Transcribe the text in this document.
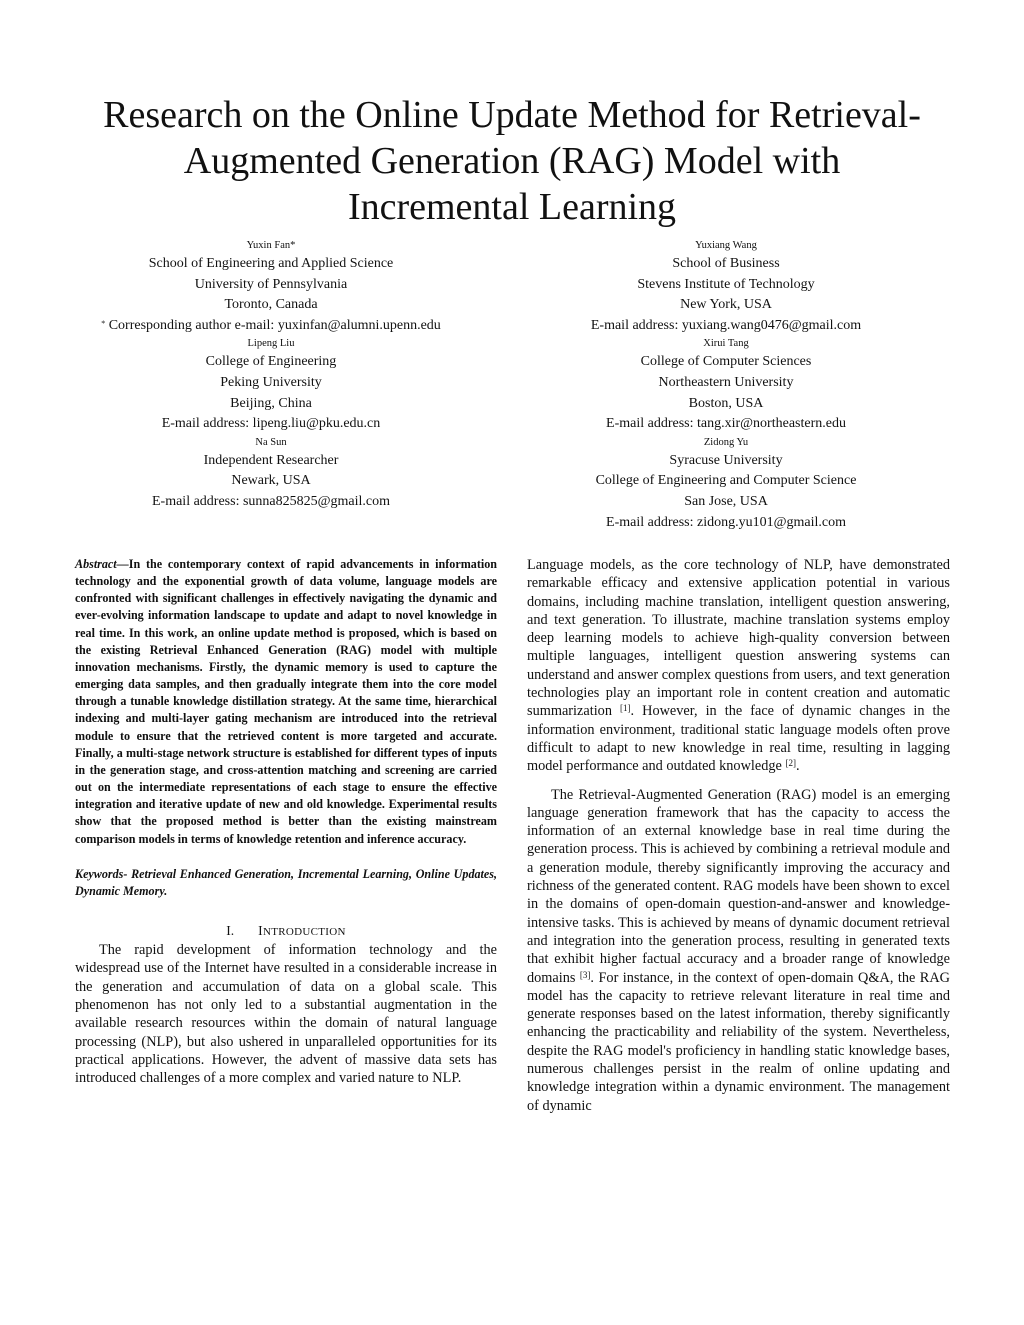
Research on the Online Update Method for Retrieval-
Augmented Generation (RAG) Model with
Incremental Learning
Yuxin Fan*
School of Engineering and Applied Science
University of Pennsylvania
Toronto, Canada
* Corresponding author e-mail: yuxinfan@alumni.upenn.edu
Lipeng Liu
College of Engineering
Peking University
Beijing, China
E-mail address: lipeng.liu@pku.edu.cn
Na Sun
Independent Researcher
Newark, USA
E-mail address: sunna825825@gmail.com
Yuxiang Wang
School of Business
Stevens Institute of Technology
New York, USA
E-mail address: yuxiang.wang0476@gmail.com
Xirui Tang
College of Computer Sciences
Northeastern University
Boston, USA
E-mail address: tang.xir@northeastern.edu
Zidong Yu
Syracuse University
College of Engineering and Computer Science
San Jose, USA
E-mail address: zidong.yu101@gmail.com
Abstract—In the contemporary context of rapid advancements in information technology and the exponential growth of data volume, language models are confronted with significant challenges in effectively navigating the dynamic and ever-evolving information landscape to update and adapt to novel knowledge in real time. In this work, an online update method is proposed, which is based on the existing Retrieval Enhanced Generation (RAG) model with multiple innovation mechanisms. Firstly, the dynamic memory is used to capture the emerging data samples, and then gradually integrate them into the core model through a tunable knowledge distillation strategy. At the same time, hierarchical indexing and multi-layer gating mechanism are introduced into the retrieval module to ensure that the retrieved content is more targeted and accurate. Finally, a multi-stage network structure is established for different types of inputs in the generation stage, and cross-attention matching and screening are carried out on the intermediate representations of each stage to ensure the effective integration and iterative update of new and old knowledge. Experimental results show that the proposed method is better than the existing mainstream comparison models in terms of knowledge retention and inference accuracy.
Keywords- Retrieval Enhanced Generation, Incremental Learning, Online Updates, Dynamic Memory.
I. INTRODUCTION

The rapid development of information technology and the widespread use of the Internet have resulted in a considerable increase in the generation and accumulation of data on a global scale. This phenomenon has not only led to a substantial augmentation in the available research resources within the domain of natural language processing (NLP), but also ushered in unparalleled opportunities for its practical applications. However, the advent of massive data sets has introduced challenges of a more complex and varied nature to NLP.

Language models, as the core technology of NLP, have demonstrated remarkable efficacy and extensive application potential in various domains, including machine translation, intelligent question answering, and text generation. To illustrate, machine translation systems employ deep learning models to achieve high-quality conversion between multiple languages, intelligent question answering systems can understand and answer complex questions from users, and text generation technologies play an important role in content creation and automatic summarization [1]. However, in the face of dynamic changes in the information environment, traditional static language models often prove difficult to adapt to new knowledge in real time, resulting in lagging model performance and outdated knowledge [2].

The Retrieval-Augmented Generation (RAG) model is an emerging language generation framework that has the capacity to access the information of an external knowledge base in real time during the generation process. This is achieved by combining a retrieval module and a generation module, thereby significantly improving the accuracy and richness of the generated content. RAG models have been shown to excel in the domains of open-domain question-and-answer and knowledge-intensive tasks. This is achieved by means of dynamic document retrieval and integration into the generation process, resulting in generated texts that exhibit higher factual accuracy and a broader range of knowledge domains [3]. For instance, in the context of open-domain Q&A, the RAG model has the capacity to retrieve relevant literature in real time and generate responses based on the latest information, thereby significantly enhancing the practicability and reliability of the system. Nevertheless, despite the RAG model's proficiency in handling static knowledge bases, numerous challenges persist in the realm of online updating and knowledge integration within a dynamic environment. The management of dynamic
